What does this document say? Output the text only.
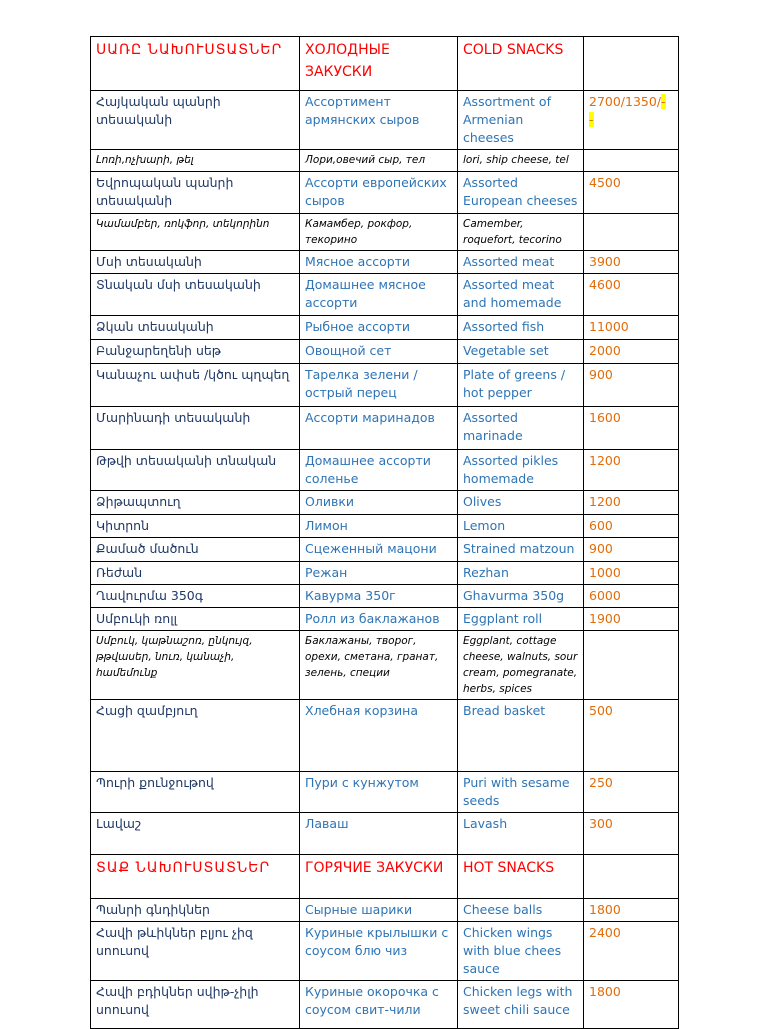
ՍԱՌԸ ՆԱԽՈՒՍՏԱՏՆԵՐ	ХОЛОДНЫЕ ЗАКУСКИ	COLD SNACKS	
Հայկական պանրի տեսականի	Ассортимент армянских сыров	Assortment of Armenian cheeses	2700/1350/- -
Լոռի,ոչխարի, թել	Лори,овечий сыр, тел	lori, ship cheese, tel	
Եվրոպական պանրի տեսականի	Ассорти европейских сыров	Assorted European cheeses	4500
Կամամբեր, ռոկֆոր, տեկորինո	Камамбер, рокфор, текорино	Camember, roquefort, tecorino	
Մսի տեսականի	Мясное ассорти	Assorted meat	3900
Տնական մսի տեսականի	Домашнее мясное ассорти	Assorted meat and homemade	4600
Ձկան տեսականի	Рыбное ассорти	Assorted fish	11000
Բանջարեղենի սեթ	Овощной сет	Vegetable set	2000
Կանաչու ափսե /կծու պղպեղ	Тарелка зелени /острый перец	Plate of greens / hot pepper	900
Մարինադի տեսականի	Ассорти маринадов	Assorted marinade	1600
Թթվի տեսականի տնական	Домашнее ассорти соленье	Assorted pikles homemade	1200
Ձիթապտուղ	Оливки	Olives	1200
Կիտրոն	Лимон	Lemon	600
Քամած մածուն	Сцеженный мацони	Strained matzoun	900
Ռեժան	Режан	Rezhan	1000
Ղավուրմա 350գ	Кавурма 350г	Ghavurma 350g	6000
Սմբուկի ռոլլ	Ролл из баклажанов	Eggplant roll	1900
Սմբուկ, կաթնաշոռ, ընկույզ, թթվասեր, նուռ, կանաչի, համեմունք	Баклажаны, творог, орехи, сметана, гранат, зелень, специи	Eggplant, cottage cheese, walnuts, sour cream, pomegranate, herbs, spices	
Հացի զամբյուղ	Хлебная корзина	Bread basket	500
Պուրի քունջութով	Пури с кунжутом	Puri with sesame seeds	250
Լավաշ	Лаваш	Lavash	300
ՏԱՔ ՆԱԽՈՒՍՏԱՏՆԵՐ	ГОРЯЧИЕ ЗАКУСКИ	HOT SNACKS	
Պանրի գնդիկներ	Сырные шарики	Cheese balls	1800
Հավի թևիկներ բլյու չիզ սոուսով	Куриные крылышки с соусом блю чиз	Chicken wings with blue chees sauce	2400
Հավի բդիկներ սվիթ-չիլի սոուսով	Куриные окорочка с соусом свит-чили	Chicken legs with sweet chili sauce	1800
